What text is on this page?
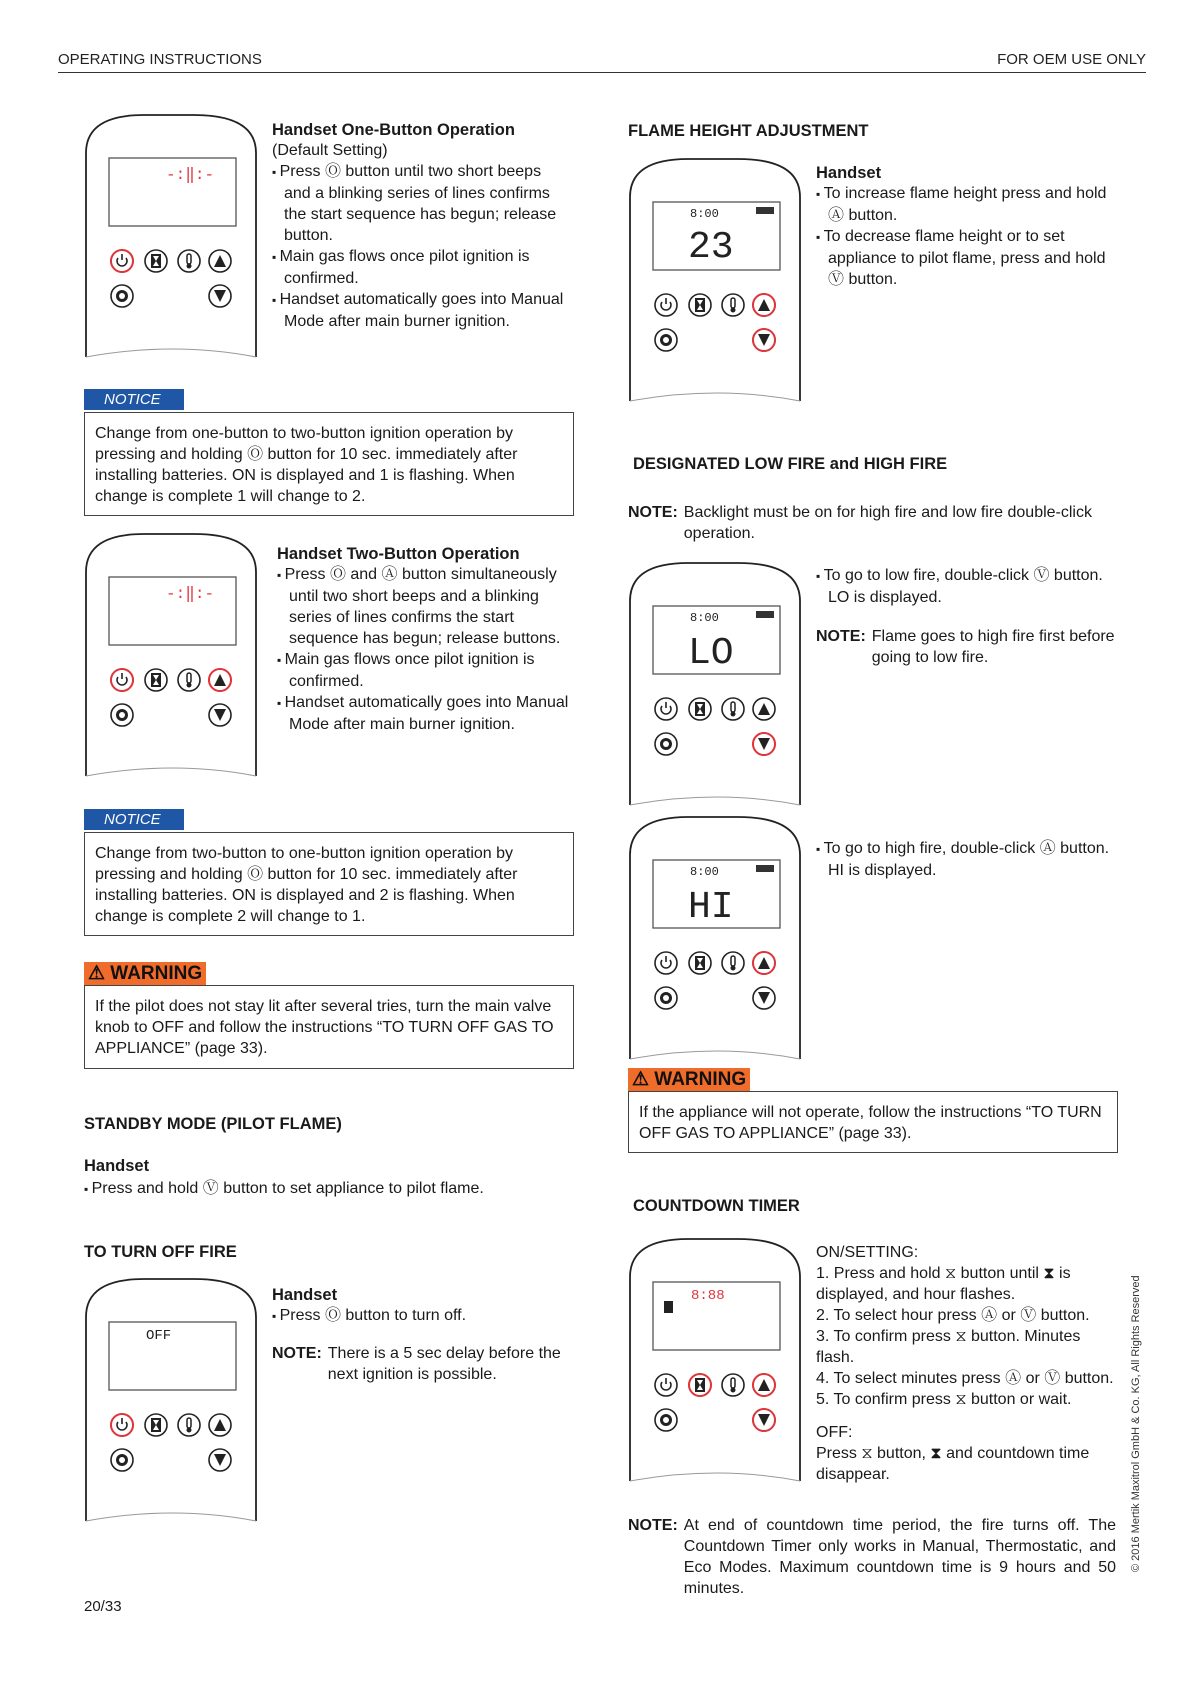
OPERATING INSTRUCTIONS	FOR OEM USE ONLY
-:‖:-
Handset One-Button Operation
(Default Setting)

▪ Press Ⓞ button until two short beeps and a blinking series of lines confirms the start sequence has begun; release button.

▪ Main gas flows once pilot ignition is confirmed.

▪ Handset automatically goes into Manual Mode after main burner ignition.

NOTICE
Change from one-button to two-button ignition operation by pressing and holding Ⓞ button for 10 sec. immediately after installing batteries. ON is displayed and 1 is flashing. When change is complete 1 will change to 2.
-:‖:-
Handset Two-Button Operation

▪ Press Ⓞ and Ⓐ button simultaneously until two short beeps and a blinking series of lines confirms the start sequence has begun; release buttons.

▪ Main gas flows once pilot ignition is confirmed.

▪ Handset automatically goes into Manual Mode after main burner ignition.

NOTICE
Change from two-button to one-button ignition operation by pressing and holding Ⓞ button for 10 sec. immediately after installing batteries. ON is displayed and 2 is flashing. When change is complete 2 will change to 1.
⚠ WARNING
If the pilot does not stay lit after several tries, turn the main valve knob to OFF and follow the instructions “TO TURN OFF GAS TO APPLIANCE” (page 33).
STANDBY MODE (PILOT FLAME)
Handset
▪ Press and hold Ⓥ button to set appliance to pilot flame.
TO TURN OFF FIRE
OFF
Handset
▪ Press Ⓞ button to turn off.
NOTE: There is a 5 sec delay before the next ignition is possible.
20/33
FLAME HEIGHT ADJUSTMENT
8:00
23
Handset

▪ To increase flame height press and hold Ⓐ button.

▪ To decrease flame height or to set appliance to pilot flame, press and hold Ⓥ button.

DESIGNATED LOW FIRE and HIGH FIRE
NOTE: Backlight must be on for high fire and low fire double-click operation.
8:00
LO
▪ To go to low fire, double-click Ⓥ button. LO is displayed.
NOTE: Flame goes to high fire first before going to low fire.
8:00
HI
▪ To go to high fire, double-click Ⓐ button. HI is displayed.
⚠ WARNING
If the appliance will not operate, follow the instructions “TO TURN OFF GAS TO APPLIANCE” (page 33).
COUNTDOWN TIMER
8:88
ON/SETTING:

1. Press and hold ⧖ button until ⧗ is displayed, and hour flashes.

2. To select hour press Ⓐ or Ⓥ button.

3. To confirm press ⧖ button. Minutes flash.

4. To select minutes press Ⓐ or Ⓥ button.

5. To confirm press ⧖ button or wait.

OFF:
Press ⧖ button, ⧗ and countdown time disappear.
NOTE: At end of countdown time period, the fire turns off. The Countdown Timer only works in Manual, Thermostatic, and Eco Modes. Maximum countdown time is 9 hours and 50 minutes.
© 2016 Mertik Maxitrol GmbH & Co. KG, All Rights Reserved
